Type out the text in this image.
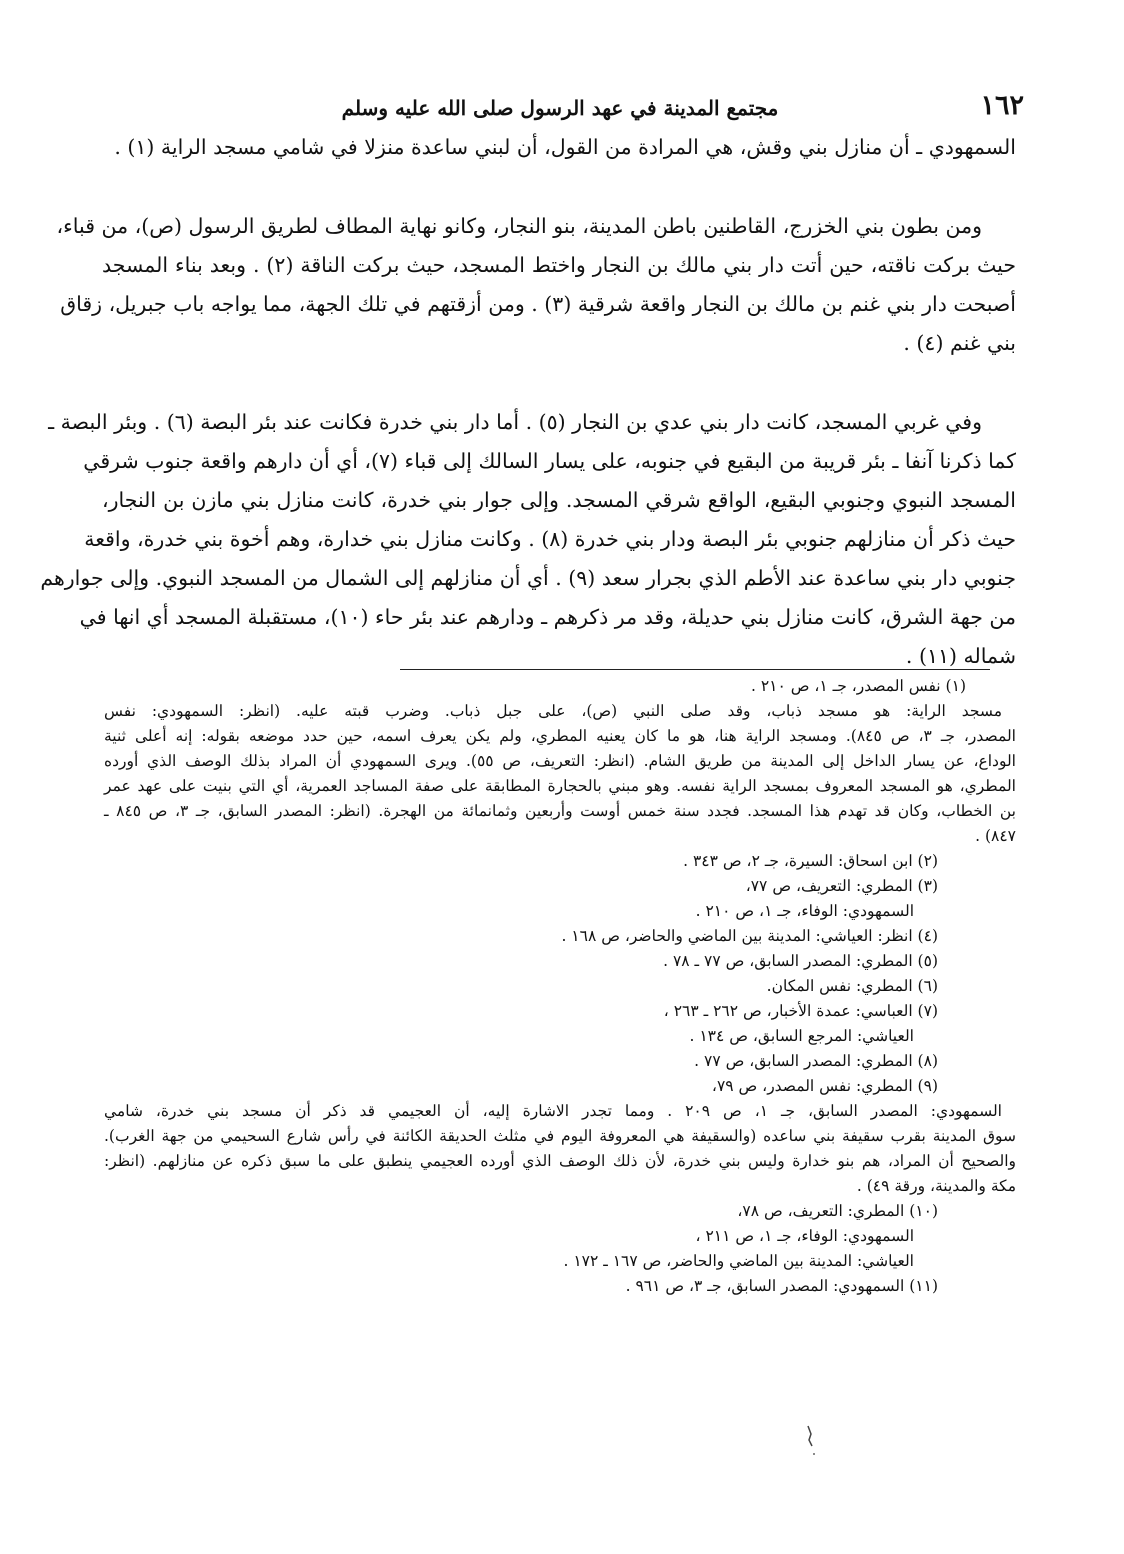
١٦٢
مجتمع المدينة في عهد الرسول صلى الله عليه وسلم
السمهودي ـ أن منازل بني وقش، هي المرادة من القول، أن لبني ساعدة منزلا في شامي مسجد الراية (١) .
ومن بطون بني الخزرج، القاطنين باطن المدينة، بنو النجار، وكانو نهاية المطاف لطريق الرسول (ص)، من قباء،
حيث بركت ناقته، حين أتت دار بني مالك بن النجار واختط المسجد، حيث بركت الناقة (٢) . وبعد بناء المسجد
أصبحت دار بني غنم بن مالك بن النجار واقعة شرقية (٣) . ومن أزقتهم في تلك الجهة، مما يواجه باب جبريل، زقاق
بني غنم (٤) .
وفي غربي المسجد، كانت دار بني عدي بن النجار (٥) . أما دار بني خدرة فكانت عند بئر البصة (٦) . وبئر البصة ـ
كما ذكرنا آنفا ـ بئر قريبة من البقيع في جنوبه، على يسار السالك إلى قباء (٧)، أي أن دارهم واقعة جنوب شرقي
المسجد النبوي وجنوبي البقيع، الواقع شرقي المسجد. وإلى جوار بني خدرة، كانت منازل بني مازن بن النجار،
حيث ذكر أن منازلهم جنوبي بئر البصة ودار بني خدرة (٨) . وكانت منازل بني خدارة، وهم أخوة بني خدرة، واقعة
جنوبي دار بني ساعدة عند الأطم الذي بجرار سعد (٩) . أي أن منازلهم إلى الشمال من المسجد النبوي. وإلى جوارهم
من جهة الشرق، كانت منازل بني حديلة، وقد مر ذكرهم ـ ودارهم عند بئر حاء (١٠)، مستقبلة المسجد أي انها في
شماله (١١) .
(١) نفس المصدر، جـ ١، ص ٢١٠ .
مسجد الراية: هو مسجد ذباب، وقد صلى النبي (ص)، على جبل ذباب. وضرب قبته عليه. (انظر: السمهودي: نفس
المصدر، جـ ٣، ص ٨٤٥). ومسجد الراية هنا، هو ما كان يعنيه المطري، ولم يكن يعرف اسمه، حين حدد موضعه بقوله: إنه أعلى ثنية
الوداع، عن يسار الداخل إلى المدينة من طريق الشام. (انظر: التعريف، ص ٥٥). ويرى السمهودي أن المراد بذلك الوصف الذي أورده
المطري، هو المسجد المعروف بمسجد الراية نفسه. وهو مبني بالحجارة المطابقة على صفة المساجد العمرية، أي التي بنيت على عهد عمر
بن الخطاب، وكان قد تهدم هذا المسجد. فجدد سنة خمس أوست وأربعين وثمانمائة من الهجرة. (انظر: المصدر السابق، جـ ٣، ص ٨٤٥ ـ
٨٤٧) .
(٢) ابن اسحاق: السيرة، جـ ٢، ص ٣٤٣ .
(٣) المطري: التعريف، ص ٧٧،
السمهودي: الوفاء، جـ ١، ص ٢١٠ .
(٤) انظر: العياشي: المدينة بين الماضي والحاضر، ص ١٦٨ .
(٥) المطري: المصدر السابق، ص ٧٧ ـ ٧٨ .
(٦) المطري: نفس المكان.
(٧) العباسي: عمدة الأخبار، ص ٢٦٢ ـ ٢٦٣ ،
العياشي: المرجع السابق، ص ١٣٤ .
(٨) المطري: المصدر السابق، ص ٧٧ .
(٩) المطري: نفس المصدر، ص ٧٩،
السمهودي: المصدر السابق، جـ ١، ص ٢٠٩ . ومما تجدر الاشارة إليه، أن العجيمي قد ذكر أن مسجد بني خدرة، شامي
سوق المدينة بقرب سقيفة بني ساعده (والسقيفة هي المعروفة اليوم في مثلث الحديقة الكائنة في رأس شارع السحيمي من جهة الغرب).
والصحيح أن المراد، هم بنو خدارة وليس بني خدرة، لأن ذلك الوصف الذي أورده العجيمي ينطبق على ما سبق ذكره عن منازلهم. (انظر:
مكة والمدينة، ورقة ٤٩) .
(١٠) المطري: التعريف، ص ٧٨،
السمهودي: الوفاء، جـ ١، ص ٢١١ ،
العياشي: المدينة بين الماضي والحاضر، ص ١٦٧ ـ ١٧٢ .
(١١) السمهودي: المصدر السابق، جـ ٣، ص ٩٦١ .
